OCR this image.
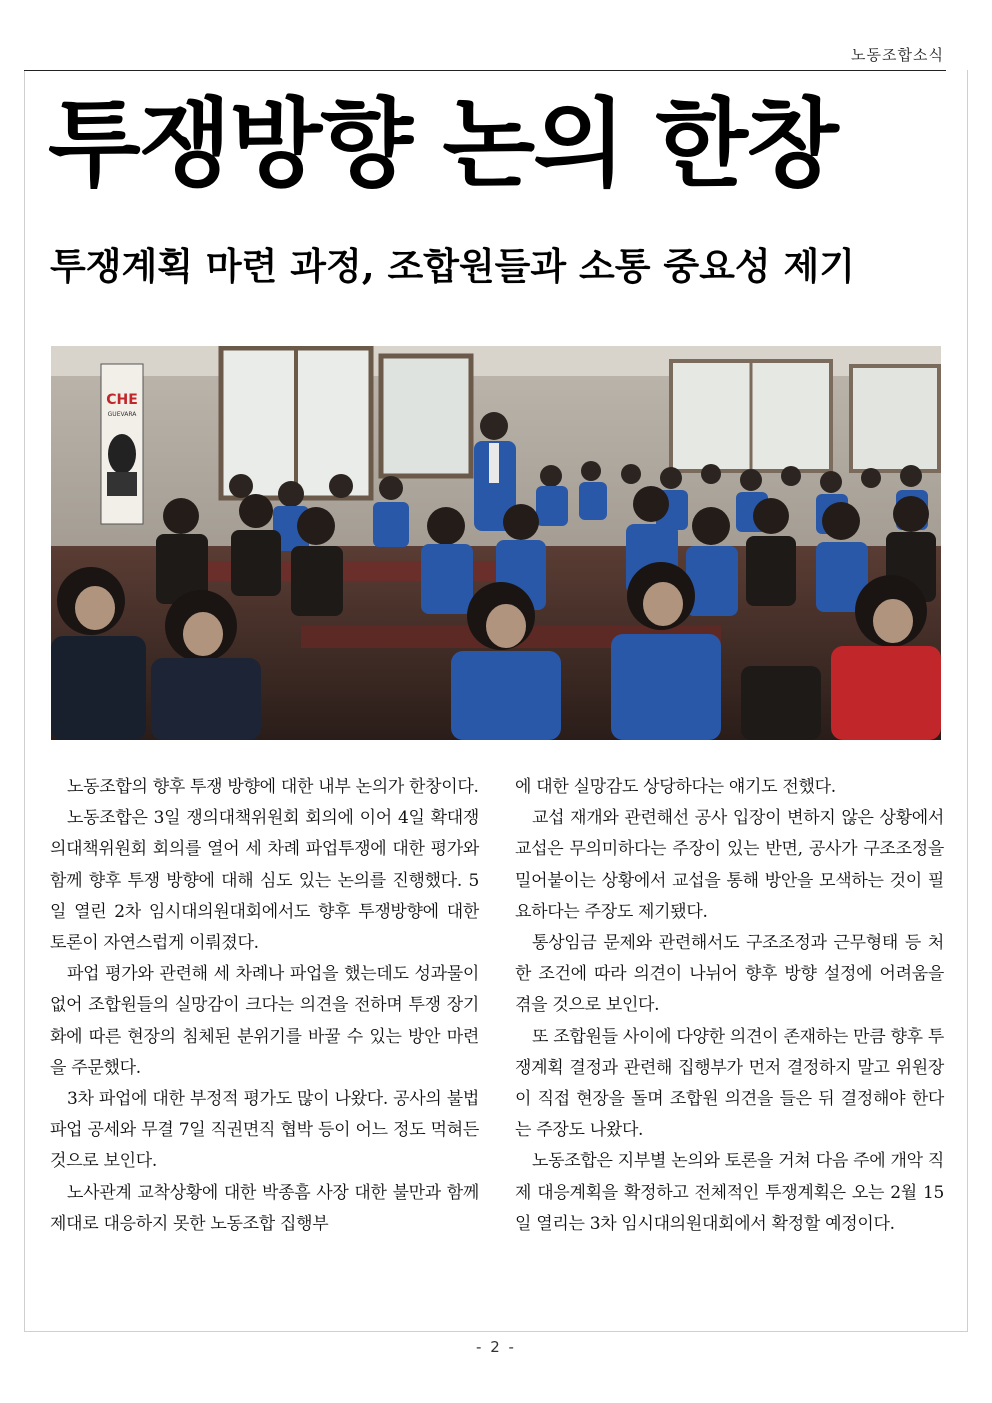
노동조합소식
투쟁방향 논의 한창
투쟁계획 마련 과정, 조합원들과 소통 중요성 제기
CHE
GUEVARA

노동조합의 향후 투쟁 방향에 대한 내부 논의가 한창이다.

노동조합은 3일 쟁의대책위원회 회의에 이어 4일 확대쟁의대책위원회 회의를 열어 세 차례 파업투쟁에 대한 평가와 함께 향후 투쟁 방향에 대해 심도 있는 논의를 진행했다. 5일 열린 2차 임시대의원대회에서도 향후 투쟁방향에 대한 토론이 자연스럽게 이뤄졌다.

파업 평가와 관련해 세 차례나 파업을 했는데도 성과물이 없어 조합원들의 실망감이 크다는 의견을 전하며 투쟁 장기화에 따른 현장의 침체된 분위기를 바꿀 수 있는 방안 마련을 주문했다.

3차 파업에 대한 부정적 평가도 많이 나왔다. 공사의 불법파업 공세와 무결 7일 직권면직 협박 등이 어느 정도 먹혀든 것으로 보인다.

노사관계 교착상황에 대한 박종흠 사장 대한 불만과 함께 제대로 대응하지 못한 노동조합 집행부

에 대한 실망감도 상당하다는 얘기도 전했다.

교섭 재개와 관련해선 공사 입장이 변하지 않은 상황에서 교섭은 무의미하다는 주장이 있는 반면, 공사가 구조조정을 밀어붙이는 상황에서 교섭을 통해 방안을 모색하는 것이 필요하다는 주장도 제기됐다.

통상임금 문제와 관련해서도 구조조정과 근무형태 등 처한 조건에 따라 의견이 나뉘어 향후 방향 설정에 어려움을 겪을 것으로 보인다.

또 조합원들 사이에 다양한 의견이 존재하는 만큼 향후 투쟁계획 결정과 관련해 집행부가 먼저 결정하지 말고 위원장이 직접 현장을 돌며 조합원 의견을 들은 뒤 결정해야 한다는 주장도 나왔다.

노동조합은 지부별 논의와 토론을 거쳐 다음 주에 개악 직제 대응계획을 확정하고 전체적인 투쟁계획은 오는 2월 15일 열리는 3차 임시대의원대회에서 확정할 예정이다.

- 2 -
